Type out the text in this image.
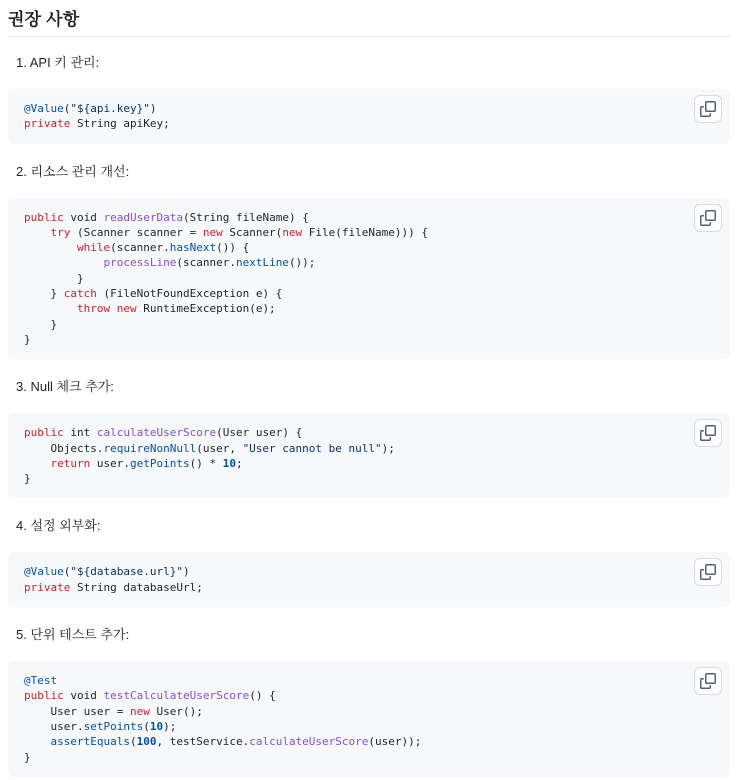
권장 사항
1. API 키 관리:
@Value("${api.key}")
private String apiKey;
2. 리소스 관리 개선:
public void readUserData(String fileName) {
try (Scanner scanner = new Scanner(new File(fileName))) {
while(scanner.hasNext()) {
processLine(scanner.nextLine());
}
} catch (FileNotFoundException e) {
throw new RuntimeException(e);
}
}
3. Null 체크 추가:
public int calculateUserScore(User user) {
Objects.requireNonNull(user, "User cannot be null");
return user.getPoints() * 10;
}
4. 설정 외부화:
@Value("${database.url}")
private String databaseUrl;
5. 단위 테스트 추가:
@Test
public void testCalculateUserScore() {
User user = new User();
user.setPoints(10);
assertEquals(100, testService.calculateUserScore(user));
}
